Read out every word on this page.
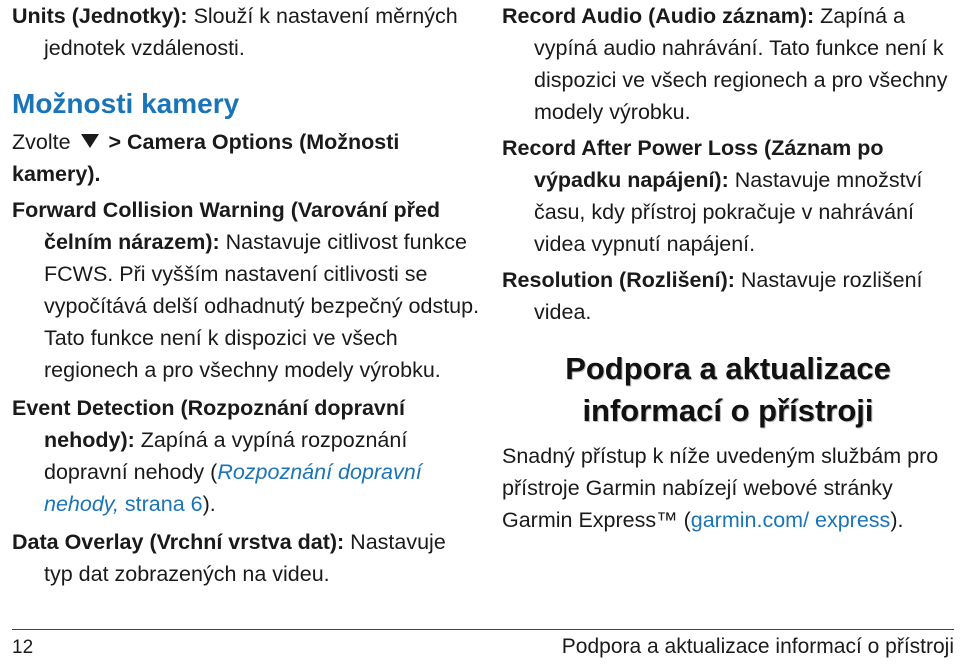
Units (Jednotky): Slouží k nastavení měrných jednotek vzdálenosti.

Možnosti kamery

Zvolte  > Camera Options (Možnosti kamery).

Forward Collision Warning (Varování před čelním nárazem): Nastavuje citlivost funkce FCWS. Při vyšším nastavení citlivosti se vypočítává delší odhadnutý bezpečný odstup. Tato funkce není k dispozici ve všech regionech a pro všechny modely výrobku.

Event Detection (Rozpoznání dopravní nehody): Zapíná a vypíná rozpoznání dopravní nehody (Rozpoznání dopravní nehody, strana 6).

Data Overlay (Vrchní vrstva dat): Nastavuje typ dat zobrazených na videu.

Record Audio (Audio záznam): Zapíná a vypíná audio nahrávání. Tato funkce není k dispozici ve všech regionech a pro všechny modely výrobku.

Record After Power Loss (Záznam po výpadku napájení): Nastavuje množství času, kdy přístroj pokračuje v nahrávání videa vypnutí napájení.

Resolution (Rozlišení): Nastavuje rozlišení videa.

Podpora a aktualizace
informací o přístroji

Snadný přístup k níže uvedeným službám pro přístroje Garmin nabízejí webové stránky Garmin Express™ (garmin.com/ express).

12	Podpora a aktualizace informací o přístroji
